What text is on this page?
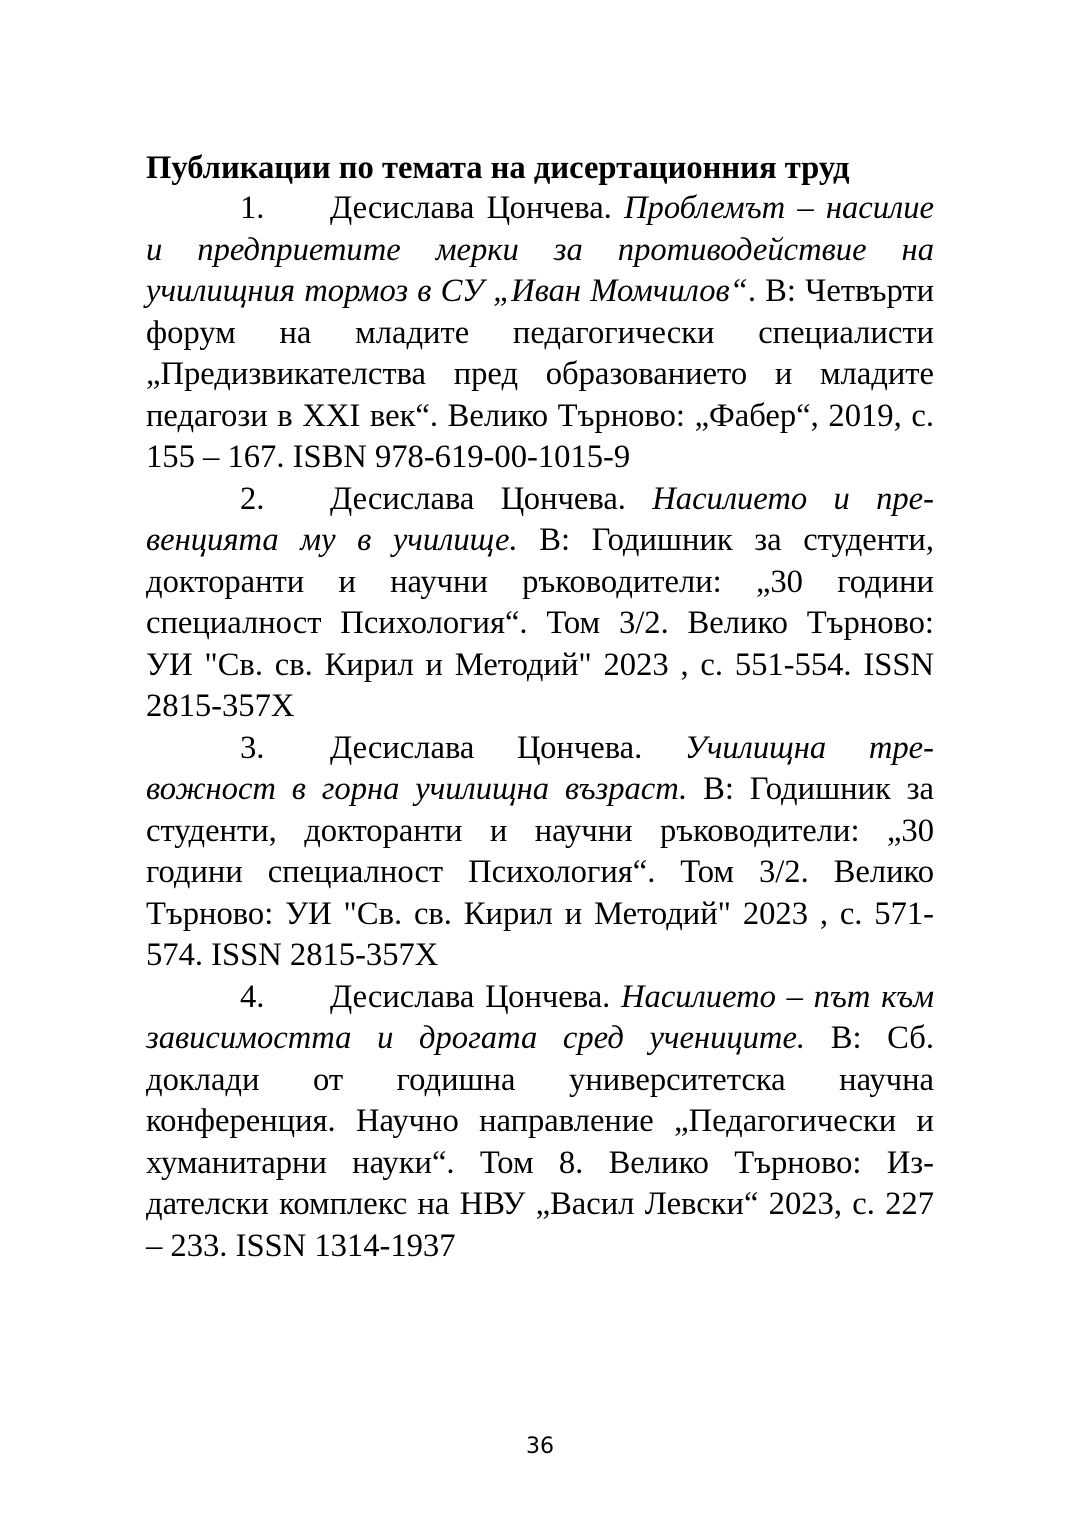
Публикации по темата на дисертационния труд

1. Десислава Цончева. Проблемът – насилие и предприетите мерки за противодействие на училищния тормоз в СУ „Иван Момчилов“. В: Четвърти форум на младите педагогически специалисти „Предизвикателства пред образованието и младите педагози в XXI век“. Велико Търново: „Фабер“, 2019, с. 155 – 167. ISBN 978-619-00-1015-9

2. Десислава Цончева. Насилието и превенцията му в училище. В: Годишник за студенти, докторанти и научни ръководители: „30 години специалност Психология“. Том 3/2. Велико Търново: УИ "Св. св. Кирил и Методий" 2023 , с. 551-554. ISSN 2815-357X

3. Десислава Цончева. Училищна тревожност в горна училищна възраст. В: Годишник за студенти, докторанти и научни ръководители: „30 години специалност Психология“. Том 3/2. Велико Търново: УИ "Св. св. Кирил и Методий" 2023 , с. 571-574. ISSN 2815-357X

4. Десислава Цончева. Насилието – път към зависимостта и дрогата сред учениците. В: Сб. доклади от годишна университетска научна конференция. Научно направление „Педагогически и хуманитарни науки“. Том 8. Велико Търново: Издателски комплекс на НВУ „Васил Левски“ 2023, с. 227 – 233. ISSN 1314-1937

36
